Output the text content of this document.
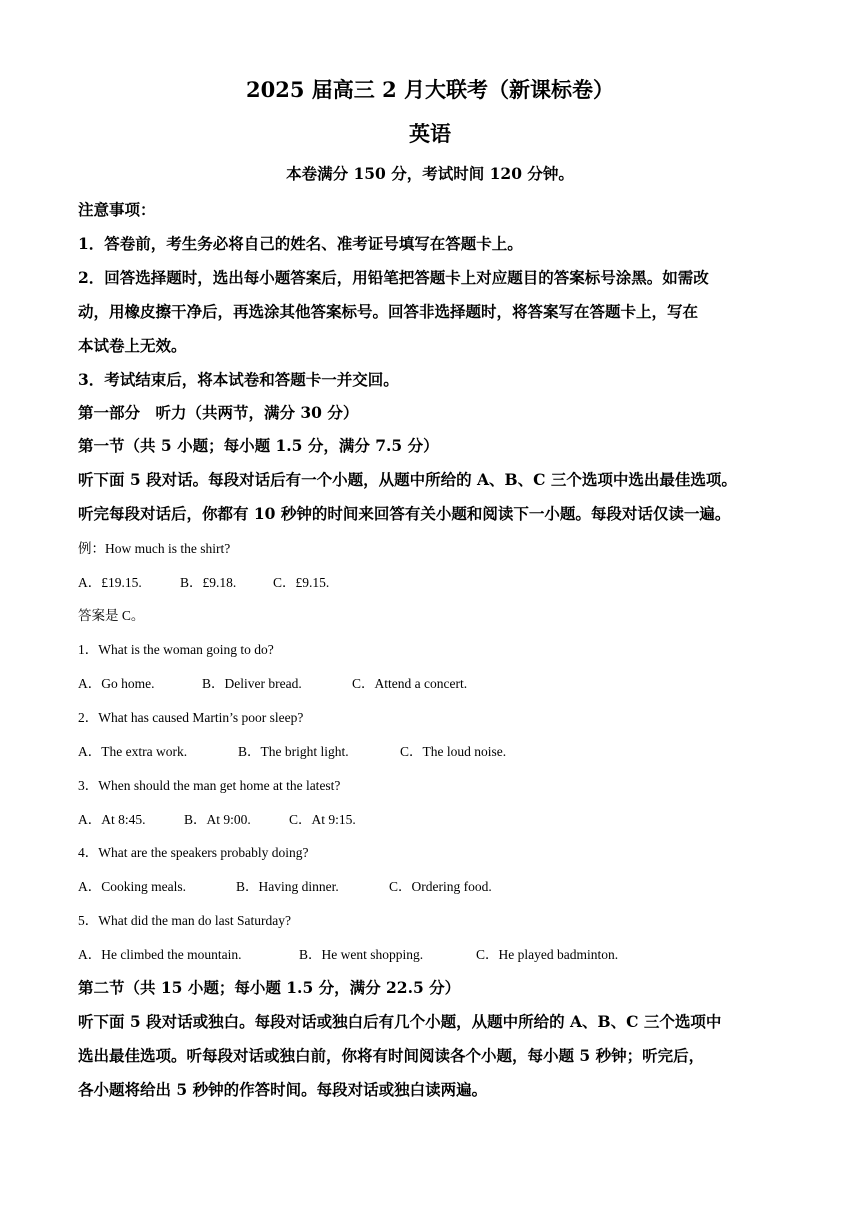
2025 届高三 2 月大联考（新课标卷）
英语
本卷满分 150 分，考试时间 120 分钟。
注意事项：
1．答卷前，考生务必将自己的姓名、准考证号填写在答题卡上。
2．回答选择题时，选出每小题答案后，用铅笔把答题卡上对应题目的答案标号涂黑。如需改
动，用橡皮擦干净后，再选涂其他答案标号。回答非选择题时，将答案写在答题卡上，写在
本试卷上无效。
3．考试结束后，将本试卷和答题卡一并交回。
第一部分　听力（共两节，满分 30 分）
第一节（共 5 小题；每小题 1.5 分，满分 7.5 分）
听下面 5 段对话。每段对话后有一个小题，从题中所给的 A、B、C 三个选项中选出最佳选项。
听完每段对话后，你都有 10 秒钟的时间来回答有关小题和阅读下一小题。每段对话仅读一遍。
例：How much is the shirt?
A．£19.15.	B．£9.18.	C．£9.15.
答案是 C。
1．What is the woman going to do?
A．Go home.	B．Deliver bread.	C．Attend a concert.
2．What has caused Martin’s poor sleep?
A．The extra work.	B．The bright light.	C．The loud noise.
3．When should the man get home at the latest?
A．At 8:45.	B．At 9:00.	C．At 9:15.
4．What are the speakers probably doing?
A．Cooking meals.	B．Having dinner.	C．Ordering food.
5．What did the man do last Saturday?
A．He climbed the mountain.	B．He went shopping.	C．He played badminton.
第二节（共 15 小题；每小题 1.5 分，满分 22.5 分）
听下面 5 段对话或独白。每段对话或独白后有几个小题，从题中所给的 A、B、C 三个选项中
选出最佳选项。听每段对话或独白前，你将有时间阅读各个小题，每小题 5 秒钟；听完后，
各小题将给出 5 秒钟的作答时间。每段对话或独白读两遍。
